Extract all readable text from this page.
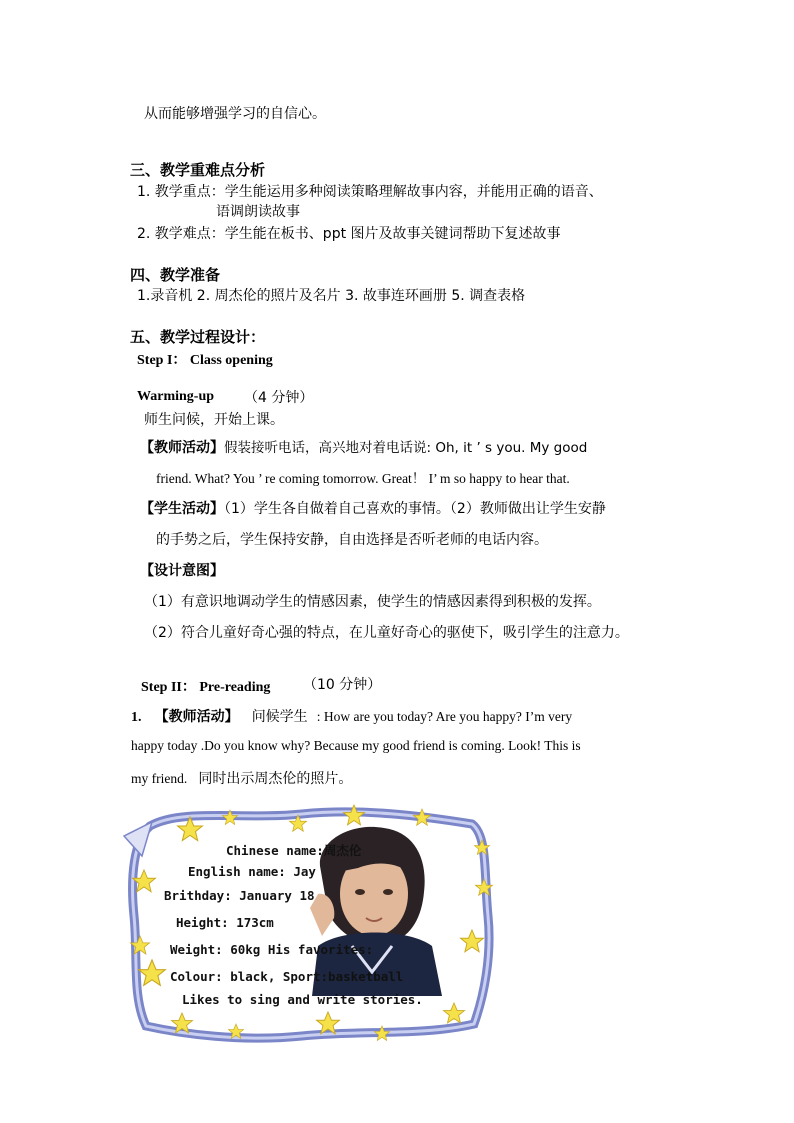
从而能够增强学习的自信心。
三、教学重难点分析
1. 教学重点：学生能运用多种阅读策略理解故事内容，并能用正确的语音、
语调朗读故事
2. 教学难点：学生能在板书、ppt 图片及故事关键词帮助下复述故事
四、教学准备
1.录音机 2. 周杰伦的照片及名片 3. 故事连环画册 5. 调查表格
五、教学过程设计：
Step I： Class opening
Warming-up （4 分钟）
师生问候，开始上课。
【教师活动】假装接听电话，高兴地对着电话说: Oh, it ’ s you. My good
friend. What? You ’ re coming tomorrow. Great！ I’ m so happy to hear that.
【学生活动】（1）学生各自做着自己喜欢的事情。（2）教师做出让学生安静
的手势之后，学生保持安静，自由选择是否听老师的电话内容。
【设计意图】
（1）有意识地调动学生的情感因素，使学生的情感因素得到积极的发挥。
（2）符合儿童好奇心强的特点，在儿童好奇心的驱使下，吸引学生的注意力。
Step II： Pre-reading （10 分钟）
1. 【教师活动】 问候学生 : How are you today? Are you happy? I’m very
happy today .Do you know why? Because my good friend is coming. Look! This is
my friend. 同时出示周杰伦的照片。
Chinese name:周杰伦
English name: Jay
Brithday: January 18
Height: 173cm
Weight: 60kg His favorites:
Colour: black, Sport:basketball
Likes to sing and write stories.
